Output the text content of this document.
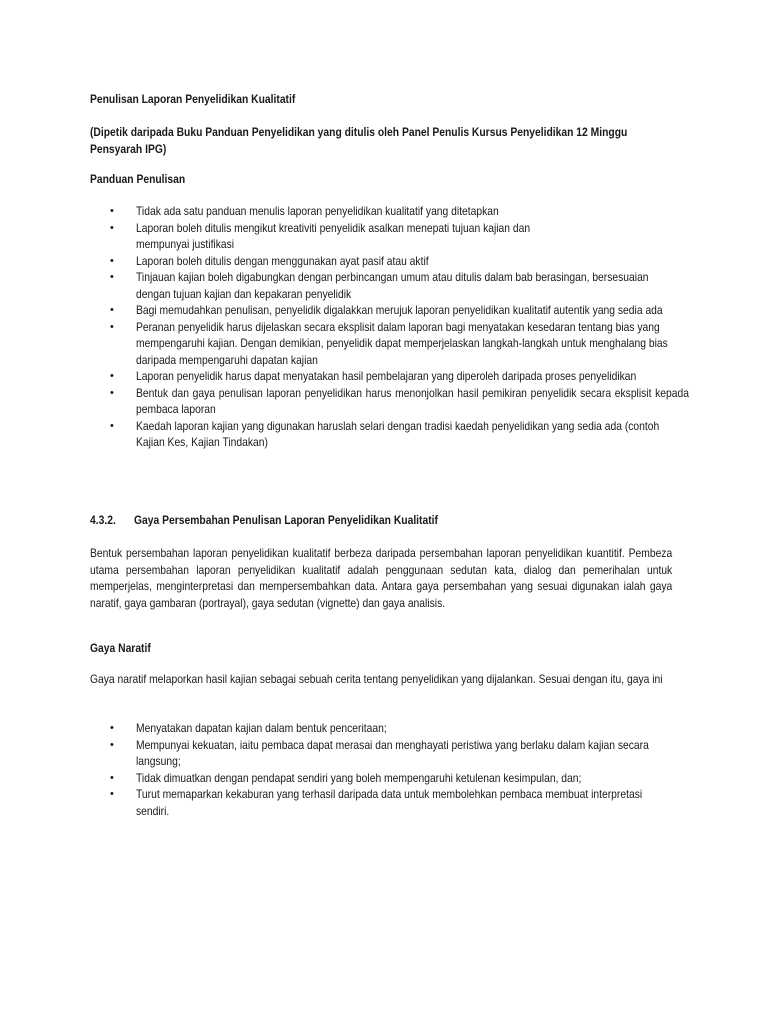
Penulisan Laporan Penyelidikan Kualitatif

(Dipetik daripada Buku Panduan Penyelidikan yang ditulis oleh Panel Penulis Kursus Penyelidikan 12 Minggu Pensyarah IPG)

Panduan Penulisan

• Tidak ada satu panduan menulis laporan penyelidikan kualitatif yang ditetapkan
• Laporan boleh ditulis mengikut kreativiti penyelidik asalkan menepati tujuan kajian dan mempunyai justifikasi
• Laporan boleh ditulis dengan menggunakan ayat pasif atau aktif
• Tinjauan kajian boleh digabungkan dengan perbincangan umum atau ditulis dalam bab berasingan, bersesuaian dengan tujuan kajian dan kepakaran penyelidik
• Bagi memudahkan penulisan, penyelidik digalakkan merujuk laporan penyelidikan kualitatif autentik yang sedia ada
• Peranan penyelidik harus dijelaskan secara eksplisit dalam laporan bagi menyatakan kesedaran tentang bias yang mempengaruhi kajian. Dengan demikian, penyelidik dapat memperjelaskan langkah-langkah untuk menghalang bias daripada mempengaruhi dapatan kajian
• Laporan penyelidik harus dapat menyatakan hasil pembelajaran yang diperoleh daripada proses penyelidikan
• Bentuk dan gaya penulisan laporan penyelidikan harus menonjolkan hasil pemikiran penyelidik secara eksplisit kepada pembaca laporan
• Kaedah laporan kajian yang digunakan haruslah selari dengan tradisi kaedah penyelidikan yang sedia ada (contoh Kajian Kes, Kajian Tindakan)

4.3.2. Gaya Persembahan Penulisan Laporan Penyelidikan Kualitatif

Bentuk persembahan laporan penyelidikan kualitatif berbeza daripada persembahan laporan penyelidikan kuantitif. Pembeza utama persembahan laporan penyelidikan kualitatif adalah penggunaan sedutan kata, dialog dan pemerihalan untuk memperjelas, menginterpretasi dan mempersembahkan data. Antara gaya persembahan yang sesuai digunakan ialah gaya naratif, gaya gambaran (portrayal), gaya sedutan (vignette) dan gaya analisis.

Gaya Naratif

Gaya naratif melaporkan hasil kajian sebagai sebuah cerita tentang penyelidikan yang dijalankan. Sesuai dengan itu, gaya ini

• Menyatakan dapatan kajian dalam bentuk penceritaan;
• Mempunyai kekuatan, iaitu pembaca dapat merasai dan menghayati peristiwa yang berlaku dalam kajian secara langsung;
• Tidak dimuatkan dengan pendapat sendiri yang boleh mempengaruhi ketulenan kesimpulan, dan;
• Turut memaparkan kekaburan yang terhasil daripada data untuk membolehkan pembaca membuat interpretasi sendiri.
